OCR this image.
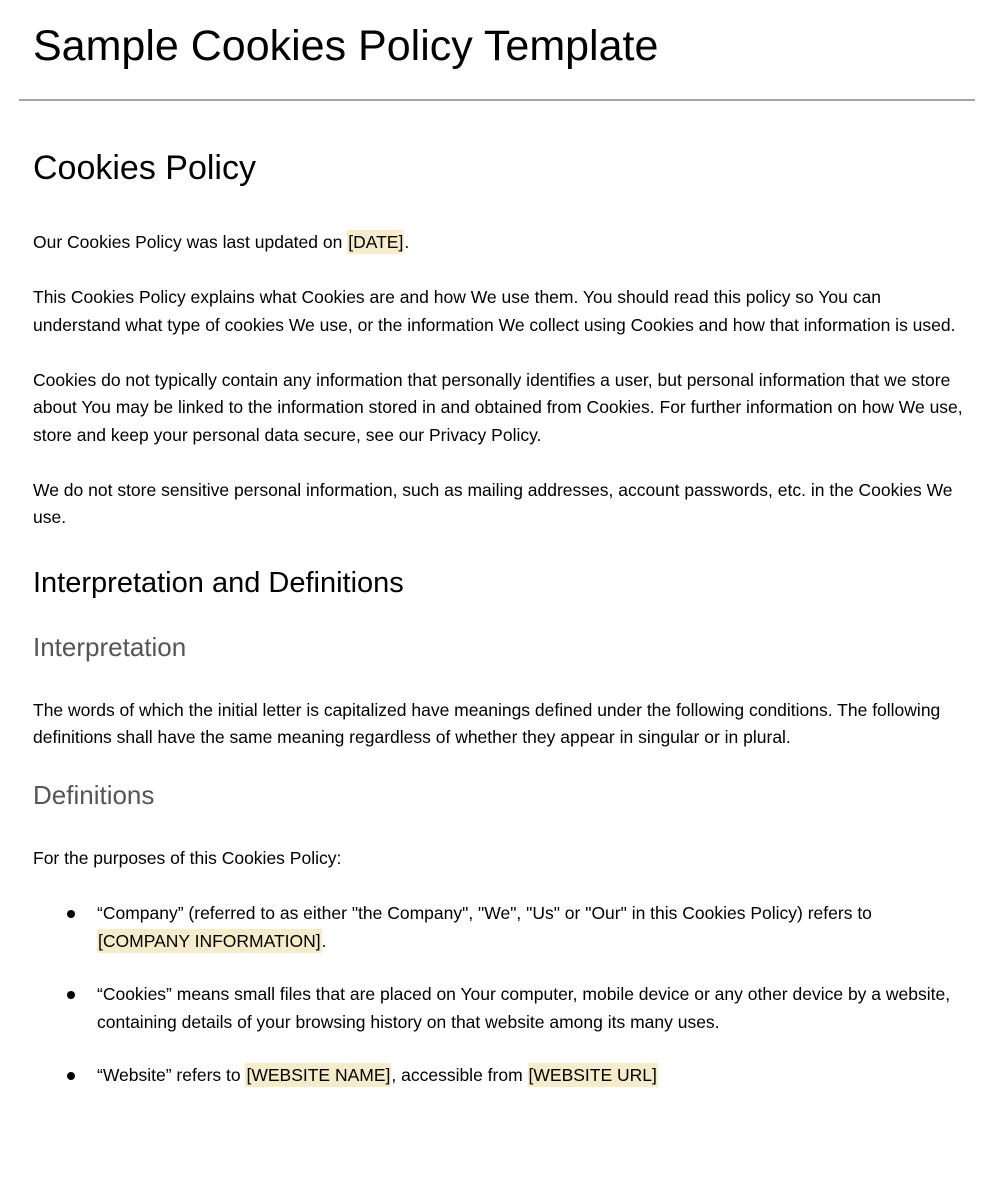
Sample Cookies Policy Template
Cookies Policy

Our Cookies Policy was last updated on [DATE].

This Cookies Policy explains what Cookies are and how We use them. You should read this policy so You can understand what type of cookies We use, or the information We collect using Cookies and how that information is used.

Cookies do not typically contain any information that personally identifies a user, but personal information that we store about You may be linked to the information stored in and obtained from Cookies. For further information on how We use, store and keep your personal data secure, see our Privacy Policy.

We do not store sensitive personal information, such as mailing addresses, account passwords, etc. in the Cookies We use.

Interpretation and Definitions
Interpretation

The words of which the initial letter is capitalized have meanings defined under the following conditions. The following definitions shall have the same meaning regardless of whether they appear in singular or in plural.

Definitions

For the purposes of this Cookies Policy:

“Company” (referred to as either "the Company", "We", "Us" or "Our" in this Cookies Policy) refers to [COMPANY INFORMATION].
“Cookies” means small files that are placed on Your computer, mobile device or any other device by a website, containing details of your browsing history on that website among its many uses.
“Website” refers to [WEBSITE NAME], accessible from [WEBSITE URL]
